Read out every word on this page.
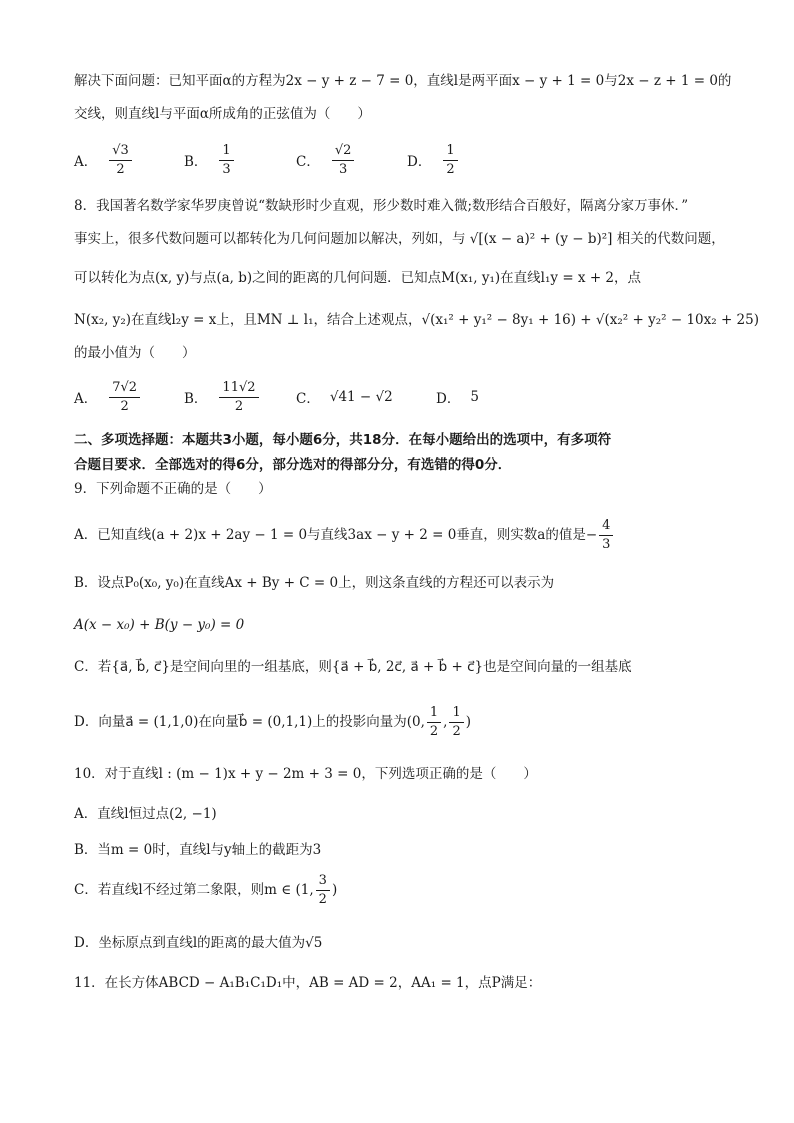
解决下面问题：已知平面α的方程为2x − y + z − 7 = 0，直线l是两平面x − y + 1 = 0与2x − z + 1 = 0的
交线，则直线l与平面α所成角的正弦值为（　　）
A． $\frac{√3}{2}$	B． $\frac{1}{3}$	C． $\frac{√2}{3}$	D． $\frac{1}{2}$
8．我国著名数学家华罗庚曾说“数缺形时少直观，形少数时难入微;数形结合百般好，隔离分家万事休．”
事实上，很多代数问题可以都转化为几何问题加以解决，列如，与 √[(x − a)² + (y − b)²] 相关的代数问题，
可以转化为点(x, y)与点(a, b)之间的距离的几何问题．已知点M(x₁, y₁)在直线l₁y = x + 2，点
N(x₂, y₂)在直线l₂y = x上，且MN ⊥ l₁，结合上述观点，√(x₁² + y₁² − 8y₁ + 16) + √(x₂² + y₂² − 10x₂ + 25)
的最小值为（　　）
A． $\frac{7√2}{2}$	B． $\frac{11√2}{2}$	C． √41 − √2	D． 5
二、多项选择题：本题共3小题，每小题6分，共18分．在每小题给出的选项中，有多项符
合题目要求．全部选对的得6分，部分选对的得部分分，有选错的得0分．
9．下列命题不正确的是（　　）
A．已知直线(a + 2)x + 2ay − 1 = 0与直线3ax − y + 2 = 0垂直，则实数a的值是− $\frac{4}{3}$
B．设点P₀(x₀, y₀)在直线Ax + By + C = 0上，则这条直线的方程还可以表示为
A(x − x₀) + B(y − y₀) = 0
C．若{a⃗, b⃗, c⃗}是空间向里的一组基底，则{a⃗ + b⃗, 2c⃗, a⃗ + b⃗ + c⃗}也是空间向量的一组基底
D．向量a⃗ = (1,1,0)在向量b⃗ = (0,1,1)上的投影向量为(0, $\frac{1}{2}$ , $\frac{1}{2}$ )
10．对于直线l : (m − 1)x + y − 2m + 3 = 0，下列选项正确的是（　　）
A．直线l恒过点(2, −1)
B．当m = 0时，直线l与y轴上的截距为3
C．若直线l不经过第二象限，则m ∈ (1, $\frac{3}{2}$ )
D．坐标原点到直线l的距离的最大值为√5
11．在长方体ABCD − A₁B₁C₁D₁中，AB = AD = 2，AA₁ = 1，点P满足：
